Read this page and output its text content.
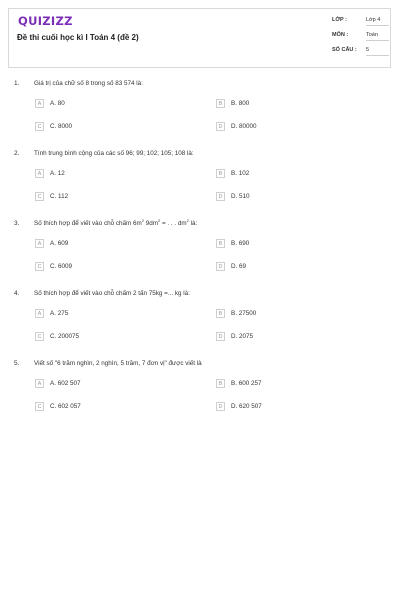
QUIZIZZ
Đề thi cuối học kì I Toán 4 (đề 2)
LỚP :	Lớp 4
MÔN :	Toán
SỐ CÂU : 5
1. Giá trị của chữ số 8 trong số 83 574 là:
A	A. 80	B	B. 800
C	C. 8000	D	D. 80000
2. Tính trung bình cộng của các số 96; 99; 102; 105; 108 là:
A	A. 12	B	B. 102
C	C. 112	D	D. 510
3. Số thích hợp để viết vào chỗ chấm $6m^2$ $9dm^2$ = . . . $dm^2$ là:
A	A. 609	B	B. 690
C	C. 6009	D	D. 69
4. Số thích hợp để viết vào chỗ chấm 2 tấn 75kg =... kg là:
A	A. 275	B	B. 27500
C	C. 200075	D	D. 2075
5. Viết số "6 trăm nghìn, 2 nghìn, 5 trăm, 7 đơn vị" được viết là
A	A. 602 507	B	B. 600 257
C	C. 602 057	D	D. 620 507
